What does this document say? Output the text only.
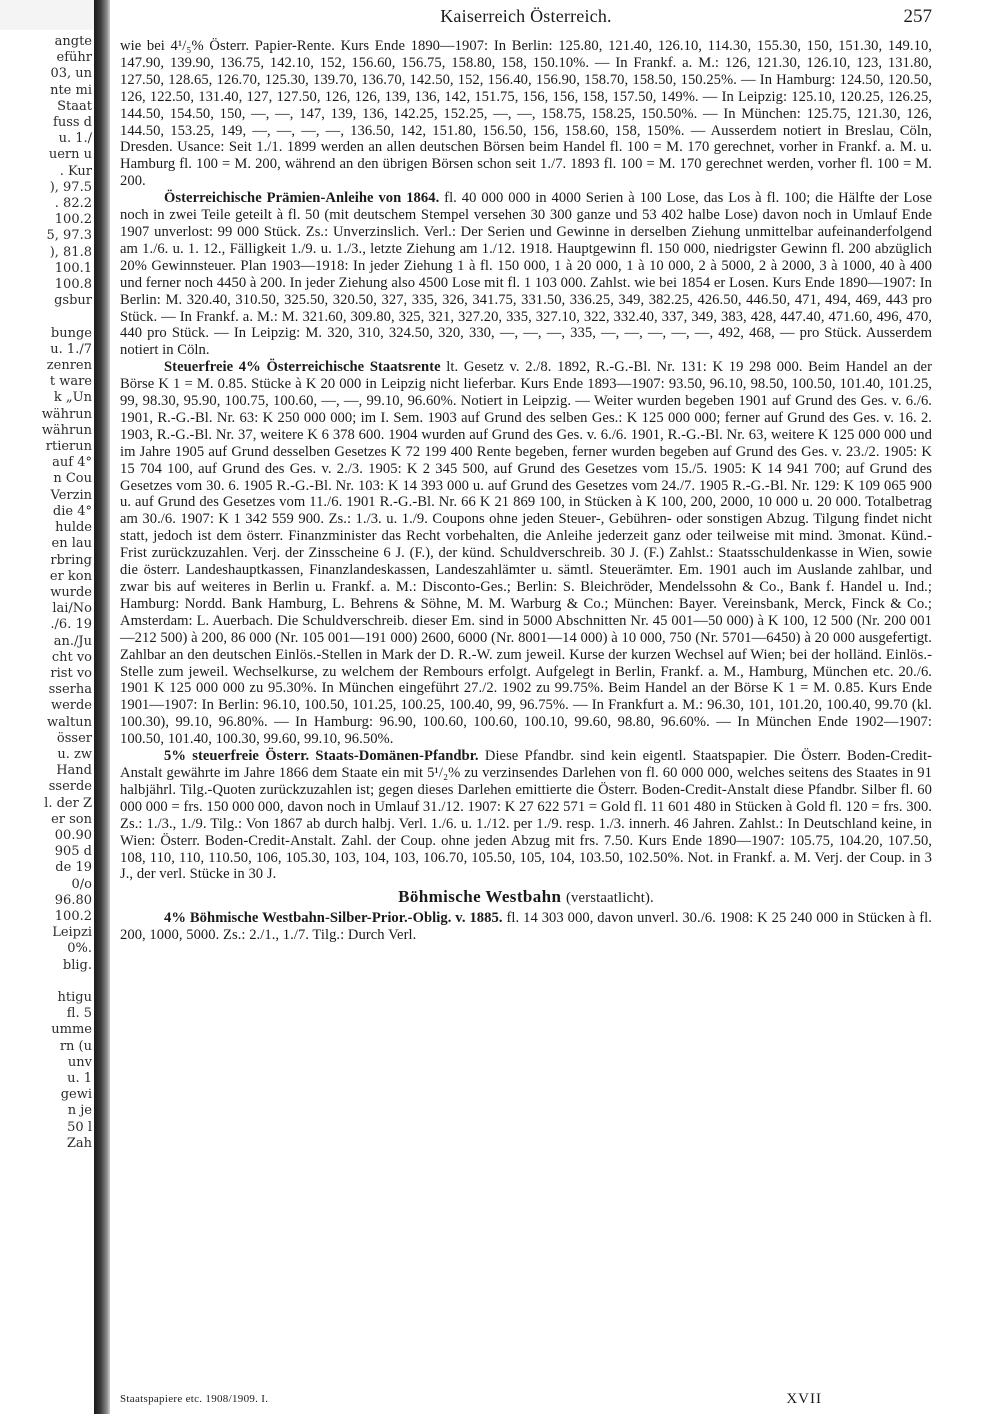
angte
eführ
03, un
nte mi
Staat
fuss d
u. 1./
uern u
. Kur
), 97.5
. 82.2
100.2
5, 97.3
), 81.8
100.1
100.8
gsbur

bunge
u. 1./7
zenren
t ware
k „Un
währun
währun
rtierun
auf 4°
n Cou
Verzin
die 4°
hulde
en lau
rbring
er kon
wurde
lai/No
./6. 19
an./Ju
cht vo
rist vo
sserha
werde
waltun
össer
u. zw
Hand
sserde
l. der Z
er son
00.90
905 d
de 19
0/o
96.80
100.2
Leipzi
0%.
blig.

htigu
fl. 5
umme
rn (u
unv
u. 1
gewi
n je
50 l
Zah
Kaiserreich Österreich.	257

wie bei 4¹/₅% Österr. Papier-Rente. Kurs Ende 1890—1907: In Berlin: 125.80, 121.40, 126.10, 114.30, 155.30, 150, 151.30, 149.10, 147.90, 139.90, 136.75, 142.10, 152, 156.60, 156.75, 158.80, 158, 150.10%. — In Frankf. a. M.: 126, 121.30, 126.10, 123, 131.80, 127.50, 128.65, 126.70, 125.30, 139.70, 136.70, 142.50, 152, 156.40, 156.90, 158.70, 158.50, 150.25%. — In Hamburg: 124.50, 120.50, 126, 122.50, 131.40, 127, 127.50, 126, 126, 139, 136, 142, 151.75, 156, 156, 158, 157.50, 149%. — In Leipzig: 125.10, 120.25, 126.25, 144.50, 154.50, 150, —, —, 147, 139, 136, 142.25, 152.25, —, —, 158.75, 158.25, 150.50%. — In München: 125.75, 121.30, 126, 144.50, 153.25, 149, —, —, —, —, 136.50, 142, 151.80, 156.50, 156, 158.60, 158, 150%. — Ausserdem notiert in Breslau, Cöln, Dresden. Usance: Seit 1./1. 1899 werden an allen deutschen Börsen beim Handel fl. 100 = M. 170 gerechnet, vorher in Frankf. a. M. u. Hamburg fl. 100 = M. 200, während an den übrigen Börsen schon seit 1./7. 1893 fl. 100 = M. 170 gerechnet werden, vorher fl. 100 = M. 200.

Österreichische Prämien-Anleihe von 1864. fl. 40 000 000 in 4000 Serien à 100 Lose, das Los à fl. 100; die Hälfte der Lose noch in zwei Teile geteilt à fl. 50 (mit deutschem Stempel versehen 30 300 ganze und 53 402 halbe Lose) davon noch in Umlauf Ende 1907 unverlost: 99 000 Stück. Zs.: Unverzinslich. Verl.: Der Serien und Gewinne in derselben Ziehung unmittelbar aufeinanderfolgend am 1./6. u. 1. 12., Fälligkeit 1./9. u. 1./3., letzte Ziehung am 1./12. 1918. Hauptgewinn fl. 150 000, niedrigster Gewinn fl. 200 abzüglich 20% Gewinnsteuer. Plan 1903—1918: In jeder Ziehung 1 à fl. 150 000, 1 à 20 000, 1 à 10 000, 2 à 5000, 2 à 2000, 3 à 1000, 40 à 400 und ferner noch 4450 à 200. In jeder Ziehung also 4500 Lose mit fl. 1 103 000. Zahlst. wie bei 1854 er Losen. Kurs Ende 1890—1907: In Berlin: M. 320.40, 310.50, 325.50, 320.50, 327, 335, 326, 341.75, 331.50, 336.25, 349, 382.25, 426.50, 446.50, 471, 494, 469, 443 pro Stück. — In Frankf. a. M.: M. 321.60, 309.80, 325, 321, 327.20, 335, 327.10, 322, 332.40, 337, 349, 383, 428, 447.40, 471.60, 496, 470, 440 pro Stück. — In Leipzig: M. 320, 310, 324.50, 320, 330, —, —, —, 335, —, —, —, —, —, 492, 468, — pro Stück. Ausserdem notiert in Cöln.

Steuerfreie 4% Österreichische Staatsrente lt. Gesetz v. 2./8. 1892, R.-G.-Bl. Nr. 131: K 19 298 000. Beim Handel an der Börse K 1 = M. 0.85. Stücke à K 20 000 in Leipzig nicht lieferbar. Kurs Ende 1893—1907: 93.50, 96.10, 98.50, 100.50, 101.40, 101.25, 99, 98.30, 95.90, 100.75, 100.60, —, —, 99.10, 96.60%. Notiert in Leipzig. — Weiter wurden begeben 1901 auf Grund des Ges. v. 6./6. 1901, R.-G.-Bl. Nr. 63: K 250 000 000; im I. Sem. 1903 auf Grund des selben Ges.: K 125 000 000; ferner auf Grund des Ges. v. 16. 2. 1903, R.-G.-Bl. Nr. 37, weitere K 6 378 600. 1904 wurden auf Grund des Ges. v. 6./6. 1901, R.-G.-Bl. Nr. 63, weitere K 125 000 000 und im Jahre 1905 auf Grund desselben Gesetzes K 72 199 400 Rente begeben, ferner wurden begeben auf Grund des Ges. v. 23./2. 1905: K 15 704 100, auf Grund des Ges. v. 2./3. 1905: K 2 345 500, auf Grund des Gesetzes vom 15./5. 1905: K 14 941 700; auf Grund des Gesetzes vom 30. 6. 1905 R.-G.-Bl. Nr. 103: K 14 393 000 u. auf Grund des Gesetzes vom 24./7. 1905 R.-G.-Bl. Nr. 129: K 109 065 900 u. auf Grund des Gesetzes vom 11./6. 1901 R.-G.-Bl. Nr. 66 K 21 869 100, in Stücken à K 100, 200, 2000, 10 000 u. 20 000. Totalbetrag am 30./6. 1907: K 1 342 559 900. Zs.: 1./3. u. 1./9. Coupons ohne jeden Steuer-, Gebühren- oder sonstigen Abzug. Tilgung findet nicht statt, jedoch ist dem österr. Finanzminister das Recht vorbehalten, die Anleihe jederzeit ganz oder teilweise mit mind. 3monat. Künd.-Frist zurückzuzahlen. Verj. der Zinsscheine 6 J. (F.), der künd. Schuldverschreib. 30 J. (F.) Zahlst.: Staatsschuldenkasse in Wien, sowie die österr. Landeshauptkassen, Finanzlandeskassen, Landeszahlämter u. sämtl. Steuerämter. Em. 1901 auch im Auslande zahlbar, und zwar bis auf weiteres in Berlin u. Frankf. a. M.: Disconto-Ges.; Berlin: S. Bleichröder, Mendelssohn & Co., Bank f. Handel u. Ind.; Hamburg: Nordd. Bank Hamburg, L. Behrens & Söhne, M. M. Warburg & Co.; München: Bayer. Vereinsbank, Merck, Finck & Co.; Amsterdam: L. Auerbach. Die Schuldverschreib. dieser Em. sind in 5000 Abschnitten Nr. 45 001—50 000) à K 100, 12 500 (Nr. 200 001—212 500) à 200, 86 000 (Nr. 105 001—191 000) 2600, 6000 (Nr. 8001—14 000) à 10 000, 750 (Nr. 5701—6450) à 20 000 ausgefertigt. Zahlbar an den deutschen Einlös.-Stellen in Mark der D. R.-W. zum jeweil. Kurse der kurzen Wechsel auf Wien; bei der holländ. Einlös.-Stelle zum jeweil. Wechselkurse, zu welchem der Rembours erfolgt. Aufgelegt in Berlin, Frankf. a. M., Hamburg, München etc. 20./6. 1901 K 125 000 000 zu 95.30%. In München eingeführt 27./2. 1902 zu 99.75%. Beim Handel an der Börse K 1 = M. 0.85. Kurs Ende 1901—1907: In Berlin: 96.10, 100.50, 101.25, 100.25, 100.40, 99, 96.75%. — In Frankfurt a. M.: 96.30, 101, 101.20, 100.40, 99.70 (kl. 100.30), 99.10, 96.80%. — In Hamburg: 96.90, 100.60, 100.60, 100.10, 99.60, 98.80, 96.60%. — In München Ende 1902—1907: 100.50, 101.40, 100.30, 99.60, 99.10, 96.50%.

5% steuerfreie Österr. Staats-Domänen-Pfandbr. Diese Pfandbr. sind kein eigentl. Staatspapier. Die Österr. Boden-Credit-Anstalt gewährte im Jahre 1866 dem Staate ein mit 5¹/₂% zu verzinsendes Darlehen von fl. 60 000 000, welches seitens des Staates in 91 halbjährl. Tilg.-Quoten zurückzuzahlen ist; gegen dieses Darlehen emittierte die Österr. Boden-Credit-Anstalt diese Pfandbr. Silber fl. 60 000 000 = frs. 150 000 000, davon noch in Umlauf 31./12. 1907: K 27 622 571 = Gold fl. 11 601 480 in Stücken à Gold fl. 120 = frs. 300. Zs.: 1./3., 1./9. Tilg.: Von 1867 ab durch halbj. Verl. 1./6. u. 1./12. per 1./9. resp. 1./3. innerh. 46 Jahren. Zahlst.: In Deutschland keine, in Wien: Österr. Boden-Credit-Anstalt. Zahl. der Coup. ohne jeden Abzug mit frs. 7.50. Kurs Ende 1890—1907: 105.75, 104.20, 107.50, 108, 110, 110, 110.50, 106, 105.30, 103, 104, 103, 106.70, 105.50, 105, 104, 103.50, 102.50%. Not. in Frankf. a. M. Verj. der Coup. in 3 J., der verl. Stücke in 30 J.

Böhmische Westbahn (verstaatlicht).

4% Böhmische Westbahn-Silber-Prior.-Oblig. v. 1885. fl. 14 303 000, davon unverl. 30./6. 1908: K 25 240 000 in Stücken à fl. 200, 1000, 5000. Zs.: 2./1., 1./7. Tilg.: Durch Verl.

Staatspapiere etc. 1908/1909. I.	XVII
